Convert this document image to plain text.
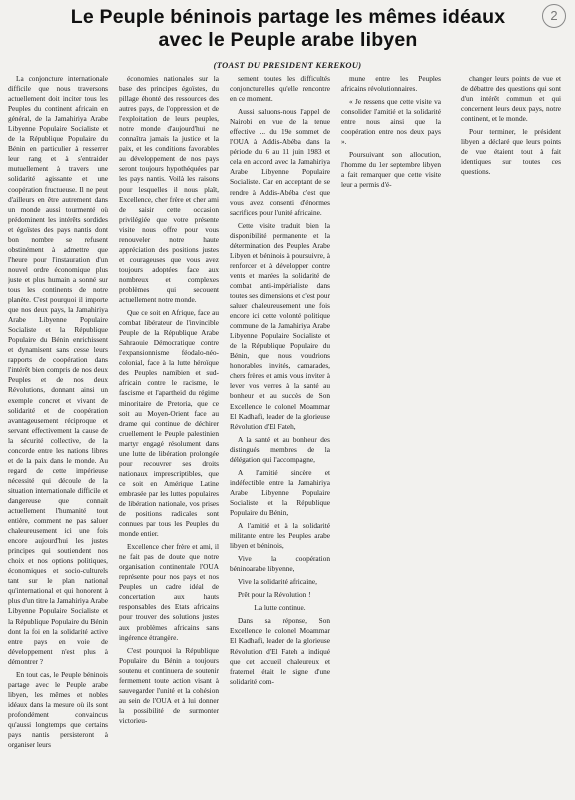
2
Le Peuple béninois partage les mêmes idéaux
avec le Peuple arabe libyen
(TOAST DU PRESIDENT KEREKOU)

La conjoncture internationale difficile que nous traversons actuellement doit inciter tous les Peuples du continent africain en général, de la Jamahiriya Arabe Libyenne Populaire Socialiste et de la République Populaire du Bénin en particulier à resserrer leur rang et à s'entraider mutuellement à travers une solidarité agissante et une coopération fructueuse. Il ne peut d'ailleurs en être autrement dans un monde aussi tourmenté où prédominent les intérêts sordides et égoïstes des pays nantis dont bon nombre se refusent obstinément à admettre que l'heure pour l'instauration d'un nouvel ordre économique plus juste et plus humain a sonné sur tous les continents de notre planète. C'est pourquoi il importe que nos deux pays, la Jamahiriya Arabe Libyenne Populaire Socialiste et la République Populaire du Bénin enrichissent et dynamisent sans cesse leurs rapports de coopération dans l'intérêt bien compris de nos deux Peuples et de nos deux Révolutions, donnant ainsi un exemple concret et vivant de solidarité et de coopération avantageusement réciproque et servant effectivement la cause de la sécurité collective, de la concorde entre les nations libres et de la paix dans le monde. Au regard de cette impérieuse nécessité qui découle de la situation internationale difficile et dangereuse que connait actuellement l'humanité tout entière, comment ne pas saluer chaleureusement ici une fois encore aujourd'hui les justes principes qui soutiendent nos choix et nos options politiques, économiques et socio-culturels tant sur le plan national qu'international et qui honorent à plus d'un titre la Jamahiriya Arabe Libyenne Populaire Socialiste et la République Populaire du Bénin dont la foi en la solidarité active entre pays en voie de développement n'est plus à démontrer ?

En tout cas, le Peuple béninois partage avec le Peuple arabe libyen, les mêmes et nobles idéaux dans la mesure où ils sont profondément convaincus qu'aussi longtemps que certains pays nantis persisteront à organiser leurs

économies nationales sur la base des principes égoïstes, du pillage éhonté des ressources des autres pays, de l'oppression et de l'exploitation de leurs peuples, notre monde d'aujourd'hui ne connaîtra jamais la justice et la paix, et les conditions favorables au développement de nos pays seront toujours hypothéquées par les pays nantis. Voilà les raisons pour lesquelles il nous plaît, Excellence, cher frère et cher ami de saisir cette occasion privilégiée que votre présente visite nous offre pour vous renouveler notre haute appréciation des positions justes et courageuses que vous avez toujours adoptées face aux nombreux et complexes problèmes qui secouent actuellement notre monde.

Que ce soit en Afrique, face au combat libérateur de l'invincible Peuple de la République Arabe Sahraouie Démocratique contre l'expansionnisme féodalo-néo-colonial, face à la lutte héroïque des Peuples namibien et sud-africain contre le racisme, le fascisme et l'apartheid du régime minoritaire de Pretoria, que ce soit au Moyen-Orient face au drame qui continue de déchirer cruellement le Peuple palestinien martyr engagé résolument dans une lutte de libération prolongée pour recouvrer ses droits nationaux imprescriptibles, que ce soit en Amérique Latine embrasée par les luttes populaires de libération nationale, vos prises de positions radicales sont connues par tous les Peuples du monde entier.

Excellence cher frère et ami, il ne fait pas de doute que notre organisation continentale l'OUA représente pour nos pays et nos Peuples un cadre idéal de concertation aux hauts responsables des Etats africains pour trouver des solutions justes aux problèmes africains sans ingérence étrangère.

C'est pourquoi la République Populaire du Bénin a toujours soutenu et continuera de soutenir fermement toute action visant à sauvegarder l'unité et la cohésion au sein de l'OUA et à lui donner la possibilité de surmonter victorieu-

sement toutes les difficultés conjoncturelles qu'elle rencontre en ce moment.

Aussi saluons-nous l'appel de Nairobi en vue de la tenue effective ... du 19e sommet de l'OUA à Addis-Abéba dans la période du 6 au 11 juin 1983 et cela en accord avec la Jamahiriya Arabe Libyenne Populaire Socialiste. Car en acceptant de se rendre à Addis-Abéba c'est que vous avez consenti d'énormes sacrifices pour l'unité africaine.

Cette visite traduit bien la disponibilité permanente et la détermination des Peuples Arabe Libyen et béninois à poursuivre, à renforcer et à développer contre vents et marées la solidarité de combat anti-impérialiste dans toutes ses dimensions et c'est pour saluer chaleureusement une fois encore ici cette volonté politique commune de la Jamahiriya Arabe Libyenne Populaire Socialiste et de la République Populaire du Bénin, que nous voudrions honorables invités, camarades, chers frères et amis vous inviter à lever vos verres à la santé au bonheur et au succès de Son Excellence le colonel Moammar El Kadhafi, leader de la glorieuse Révolution d'El Fateh,

A la santé et au bonheur des distingués membres de la délégation qui l'accompagne,

A l'amitié sincère et indéfectible entre la Jamahiriya Arabe Libyenne Populaire Socialiste et la République Populaire du Bénin,

A l'amitié et à la solidarité militante entre les Peuples arabe libyen et béninois,

Vive la coopération béninoarabe libyenne,

Vive la solidarité africaine,

Prêt pour la Révolution !

La lutte continue.

Dans sa réponse, Son Excellence le colonel Moammar El Kadhafi, leader de la glorieuse Révolution d'El Fateh a indiqué que cet accueil chaleureux et fraternel était le signe d'une solidarité com-

mune entre les Peuples africains révolutionnaires.

« Je ressens que cette visite va consolider l'amitié et la solidarité entre nous ainsi que la coopération entre nos deux pays ».

Poursuivant son allocution, l'homme du 1er septembre libyen a fait remarquer que cette visite leur a permis d'é-

changer leurs points de vue et de débattre des questions qui sont d'un intérêt commun et qui concernent leurs deux pays, notre continent, et le monde.

Pour terminer, le président libyen a déclaré que leurs points de vue étaient tout à fait identiques sur toutes ces questions.
